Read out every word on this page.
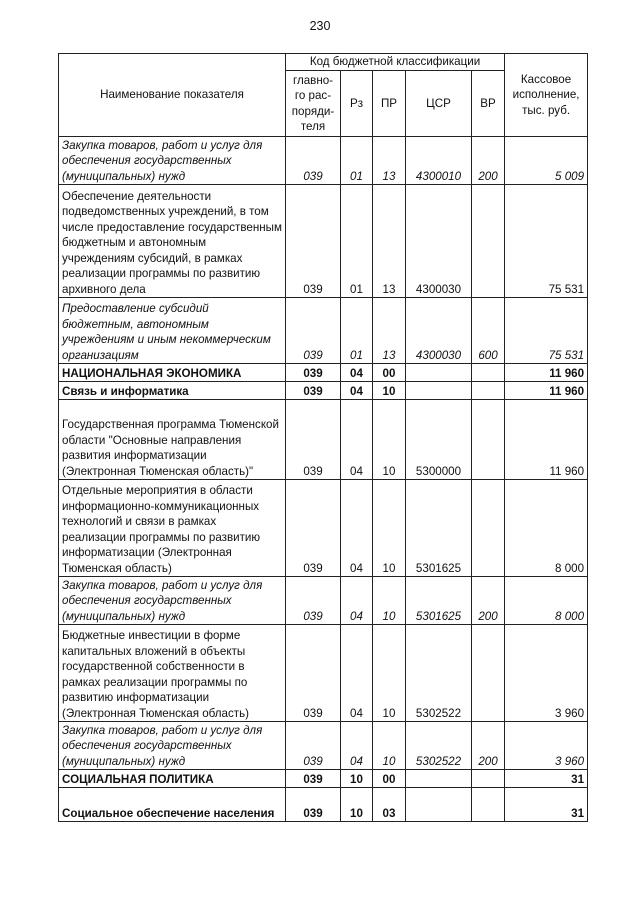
230
Наименование показателя	Код бюджетной классификации					Кассовое исполнение, тыс. руб.
	главно-го рас-поряди-теля	Рз	ПР	ЦСР	ВР	
Закупка товаров, работ и услуг для обеспечения государственных (муниципальных) нужд	039	01	13	4300010	200	5 009
Обеспечение деятельности подведомственных учреждений, в том числе предоставление государственным бюджетным и автономным учреждениям субсидий, в рамках реализации программы по развитию архивного дела	039	01	13	4300030		75 531
Предоставление субсидий бюджетным, автономным учреждениям и иным некоммерческим организациям	039	01	13	4300030	600	75 531
НАЦИОНАЛЬНАЯ ЭКОНОМИКА	039	04	00			11 960
Связь и информатика	039	04	10			11 960
Государственная программа Тюменской области "Основные направления развития информатизации (Электронная Тюменская область)"	039	04	10	5300000		11 960
Отдельные мероприятия в области информационно-коммуникационных технологий и связи в рамках реализации программы по развитию информатизации (Электронная Тюменская область)	039	04	10	5301625		8 000
Закупка товаров, работ и услуг для обеспечения государственных (муниципальных) нужд	039	04	10	5301625	200	8 000
Бюджетные инвестиции в форме капитальных вложений в объекты государственной собственности в рамках реализации программы по развитию информатизации (Электронная Тюменская область)	039	04	10	5302522		3 960
Закупка товаров, работ и услуг для обеспечения государственных (муниципальных) нужд	039	04	10	5302522	200	3 960
СОЦИАЛЬНАЯ ПОЛИТИКА	039	10	00			31
Социальное обеспечение населения	039	10	03			31
